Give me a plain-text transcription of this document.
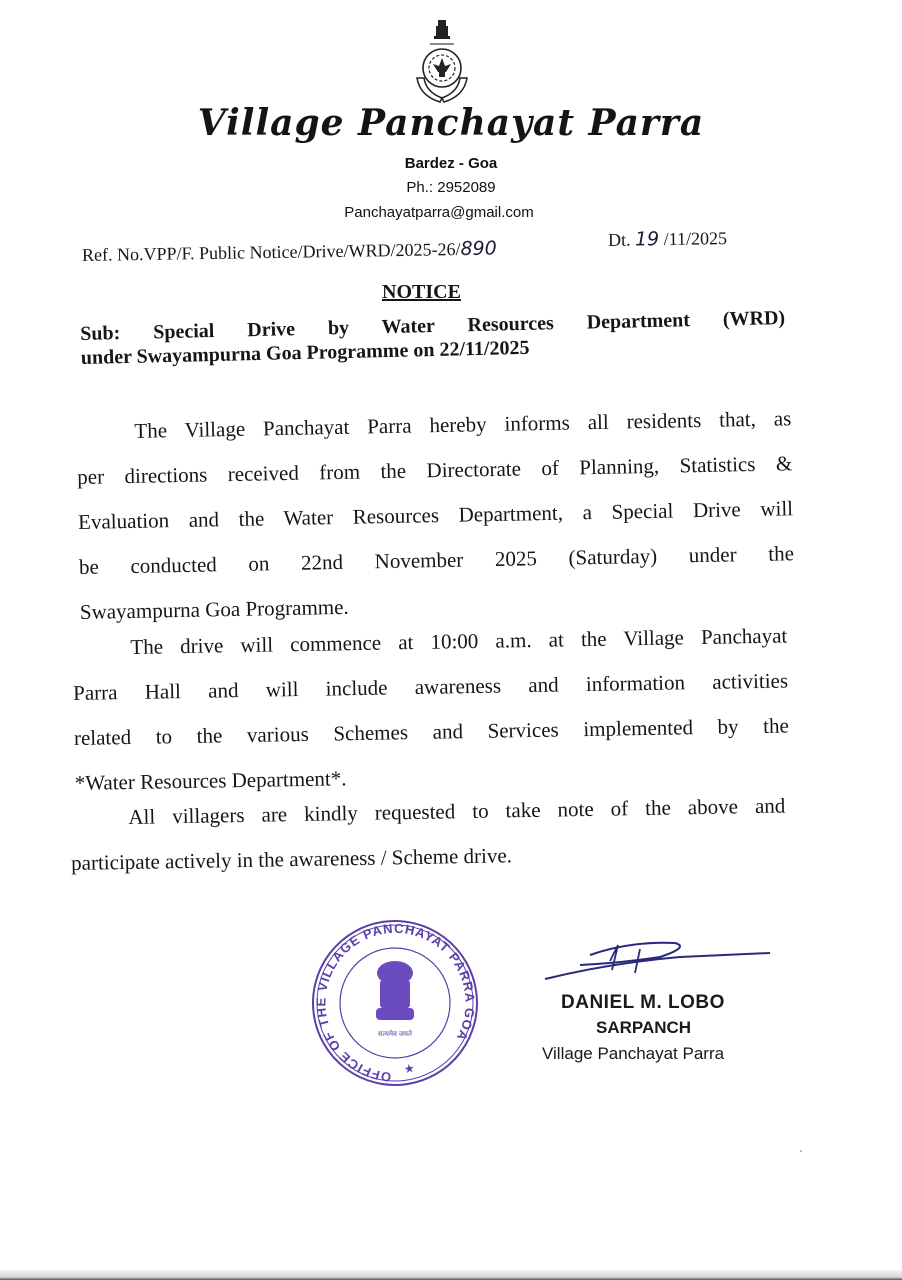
Village Panchayat Parra
Bardez - Goa
Ph.: 2952089
Panchayatparra@gmail.com
Ref. No.VPP/F. Public Notice/Drive/WRD/2025-26/890	Dt. 19 /11/2025
NOTICE
Sub: Special Drive by Water Resources Department (WRD)
under Swayampurna Goa Programme on 22/11/2025
The Village Panchayat Parra hereby informs all residents that, as
per directions received from the Directorate of Planning, Statistics &
Evaluation and the Water Resources Department, a Special Drive will
be conducted on 22nd November 2025 (Saturday) under the
Swayampurna Goa Programme.
The drive will commence at 10:00 a.m. at the Village Panchayat
Parra Hall and will include awareness and information activities
related to the various Schemes and Services implemented by the
*Water Resources Department*.
All villagers are kindly requested to take note of the above and
participate actively in the awareness / Scheme drive.
OFFICE OF THE VILLAGE PANCHAYAT PARRA GOA
★
सत्यमेव जयते
DANIEL M. LOBO
SARPANCH
Village Panchayat Parra
